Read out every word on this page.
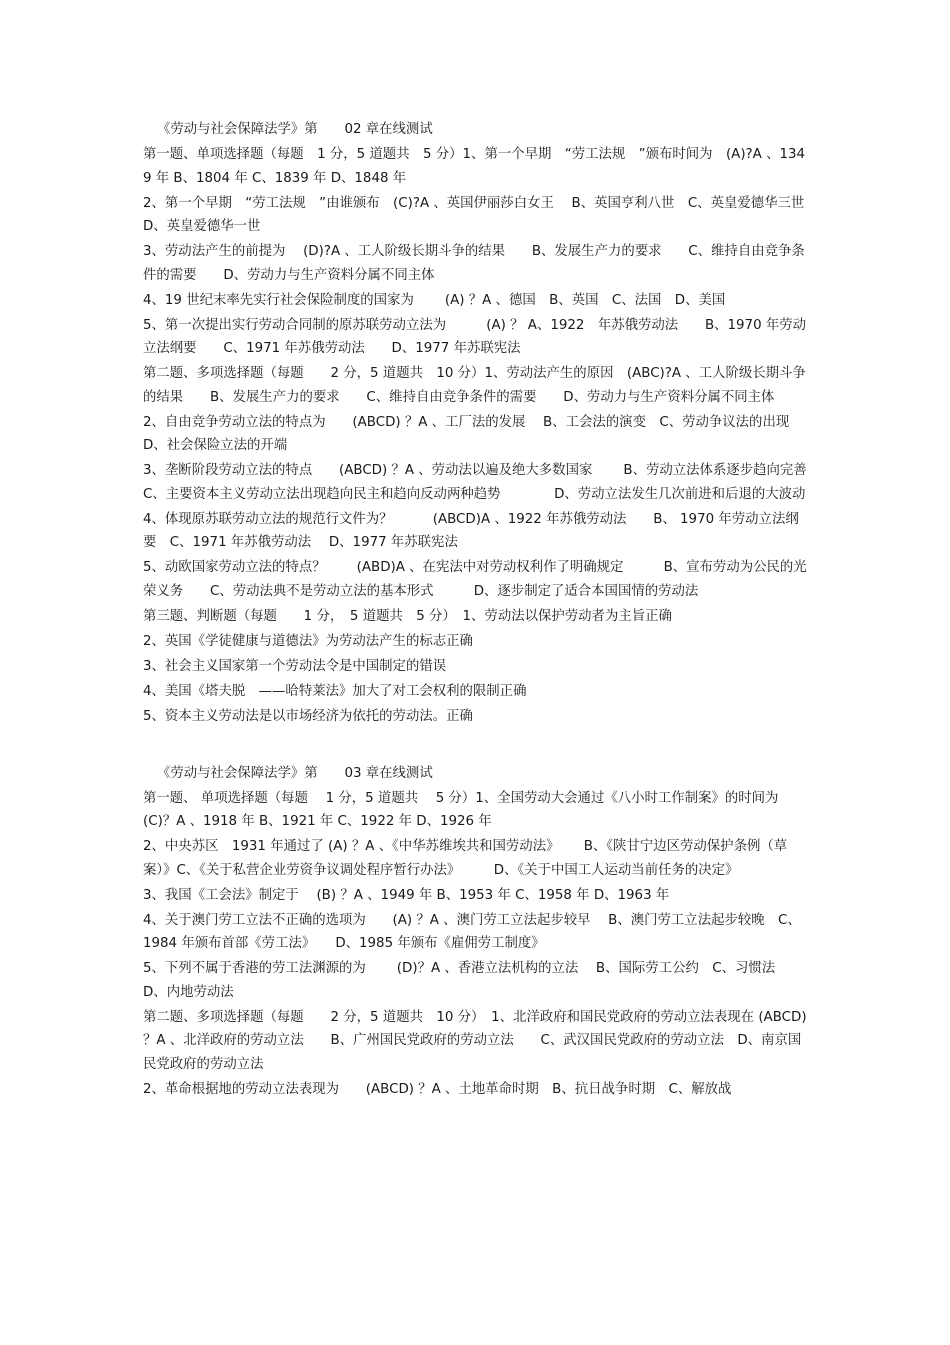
《劳动与社会保障法学》第　　02 章在线测试

第一题、单项选择题（每题　1 分，5 道题共　5 分）1、第一个早期　“劳工法规　”颁布时间为　(A)?A 、1349 年 B、1804 年 C、1839 年 D、1848 年

2、第一个早期　“劳工法规　”由谁颁布　(C)?A 、英国伊丽莎白女王　 B、英国亨利八世　C、英皇爱德华三世　D、英皇爱德华一世

3、劳动法产生的前提为　 (D)?A 、工人阶级长期斗争的结果　　B、发展生产力的要求　　C、维持自由竞争条件的需要　　D、劳动力与生产资料分属不同主体

4、19 世纪末率先实行社会保险制度的国家为　　 (A) ？A 、德国　B、英国　C、法国　D、美国

5、第一次提出实行劳动合同制的原苏联劳动立法为　　　(A) ？ A、1922　年苏俄劳动法　　B、1970 年劳动立法纲要　　C、1971 年苏俄劳动法　　D、1977 年苏联宪法

第二题、多项选择题（每题　　2 分，5 道题共　10 分）1、劳动法产生的原因　(ABC)?A 、工人阶级长期斗争的结果　　B、发展生产力的要求　　C、维持自由竞争条件的需要　　D、劳动力与生产资料分属不同主体

2、自由竞争劳动立法的特点为　　(ABCD) ？A 、工厂法的发展　 B、工会法的演变　C、劳动争议法的出现　D、社会保险立法的开端

3、垄断阶段劳动立法的特点　　(ABCD) ？A 、劳动法以遍及绝大多数国家　　 B、劳动立法体系逐步趋向完善　C、主要资本主义劳动立法出现趋向民主和趋向反动两种趋势　　　　D、劳动立法发生几次前进和后退的大波动

4、体现原苏联劳动立法的规范行文件为？　　　(ABCD)A 、1922 年苏俄劳动法　　B、 1970 年劳动立法纲要　C、1971 年苏俄劳动法　 D、1977 年苏联宪法

5、动欧国家劳动立法的特点？　　 (ABD)A 、在宪法中对劳动权利作了明确规定　　　B、宣布劳动为公民的光荣义务　　C、劳动法典不是劳动立法的基本形式　　　D、逐步制定了适合本国国情的劳动法

第三题、判断题（每题　　1 分，　5 道题共　5 分）　1、劳动法以保护劳动者为主旨正确

2、英国《学徒健康与道德法》为劳动法产生的标志正确

3、社会主义国家第一个劳动法令是中国制定的错误

4、美国《塔夫脱　——哈特莱法》加大了对工会权利的限制正确

5、资本主义劳动法是以市场经济为依托的劳动法。正确

《劳动与社会保障法学》第　　03 章在线测试

第一题、 单项选择题（每题　 1 分，5 道题共　 5 分）1、全国劳动大会通过《八小时工作制案》的时间为 (C)？A 、1918 年 B、1921 年 C、1922 年 D、1926 年

2、中央苏区　1931 年通过了 (A) ？A 、《中华苏维埃共和国劳动法》　　 B、《陕甘宁边区劳动保护条例（草案）》C、《关于私营企业劳资争议调处程序暂行办法》　　　D、《关于中国工人运动当前任务的决定》

3、我国《工会法》制定于　 (B) ？A 、1949 年 B、1953 年 C、1958 年 D、1963 年

4、关于澳门劳工立法不正确的选项为　　(A) ？A 、澳门劳工立法起步较早　 B、澳门劳工立法起步较晚　C、1984 年颁布首部《劳工法》　　D、1985 年颁布《雇佣劳工制度》

5、下列不属于香港的劳工法渊源的为　　 (D)？A 、香港立法机构的立法　 B、国际劳工公约　C、习惯法　D、内地劳动法

第二题、多项选择题（每题　　2 分，5 道题共　10 分）　1、北洋政府和国民党政府的劳动立法表现在 (ABCD) ？A 、北洋政府的劳动立法　　B、广州国民党政府的劳动立法　　C、武汉国民党政府的劳动立法　D、南京国民党政府的劳动立法

2、革命根据地的劳动立法表现为　　(ABCD) ？A 、土地革命时期　B、抗日战争时期　C、解放战
